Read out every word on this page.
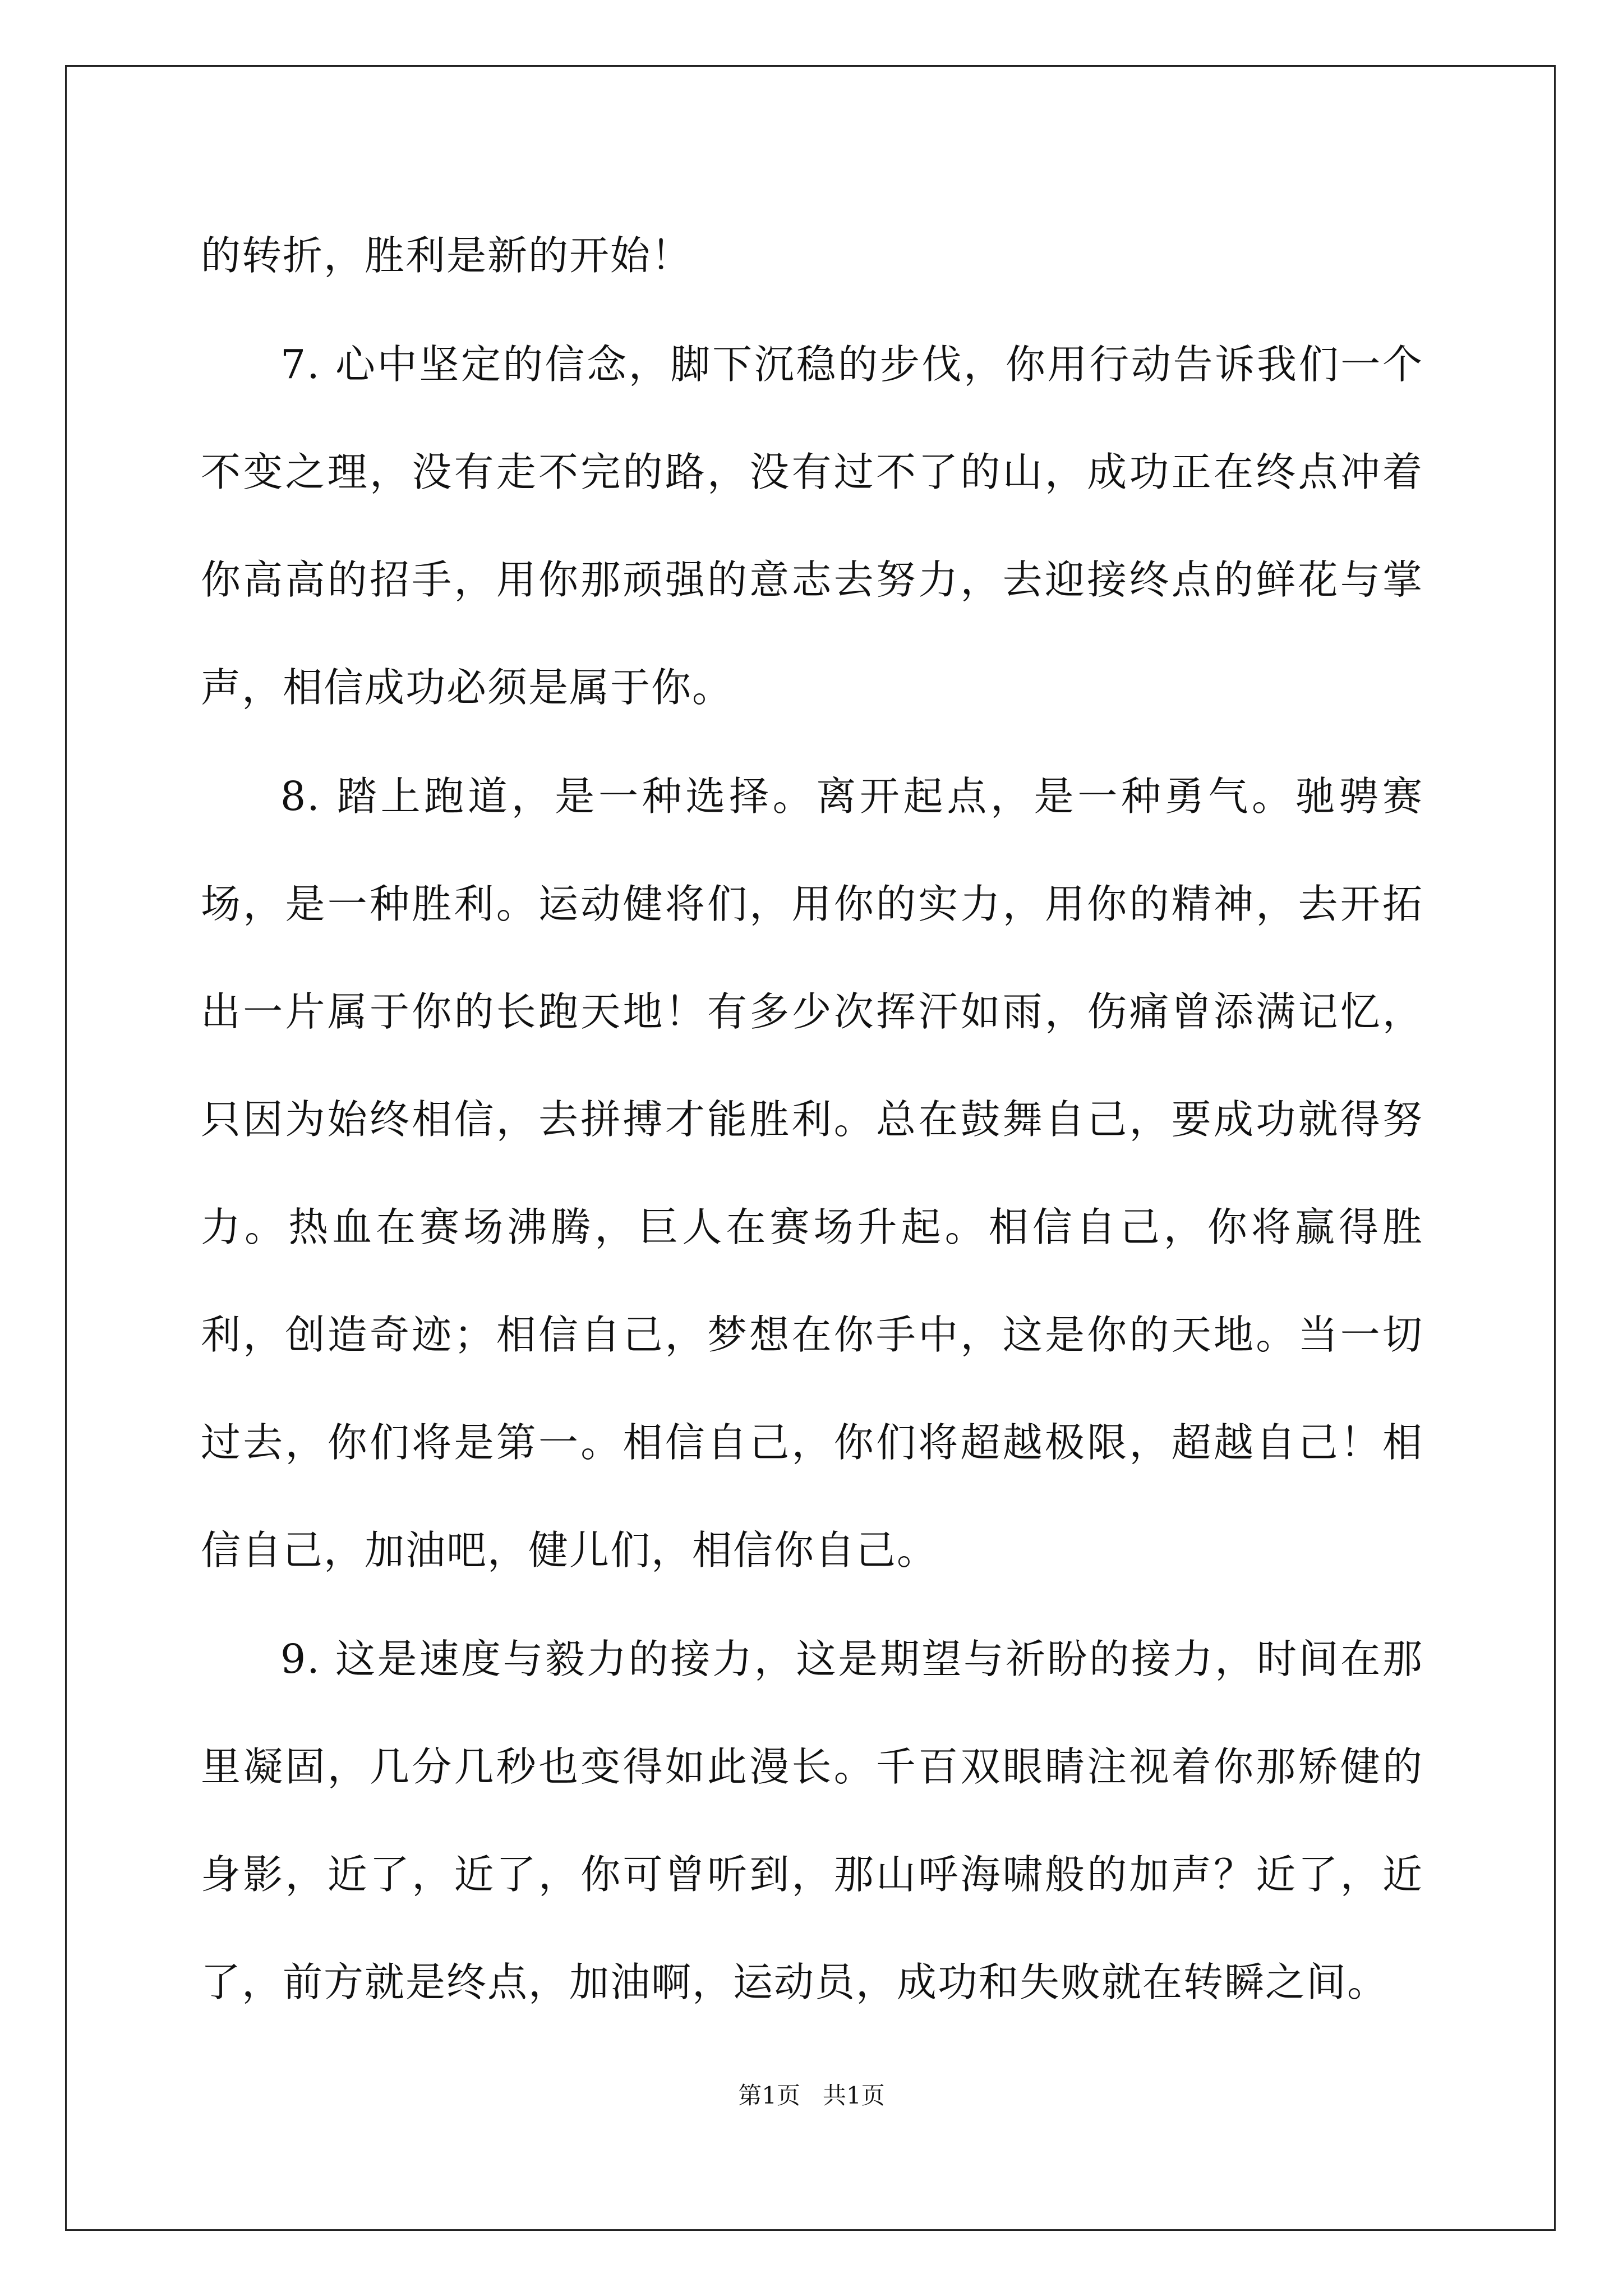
的转折，胜利是新的开始！

7. 心中坚定的信念，脚下沉稳的步伐，你用行动告诉我们一个不变之理，没有走不完的路，没有过不了的山，成功正在终点冲着你高高的招手，用你那顽强的意志去努力，去迎接终点的鲜花与掌声，相信成功必须是属于你。

8. 踏上跑道，是一种选择。离开起点，是一种勇气。驰骋赛场，是一种胜利。运动健将们，用你的实力，用你的精神，去开拓出一片属于你的长跑天地！有多少次挥汗如雨，伤痛曾添满记忆，只因为始终相信，去拼搏才能胜利。总在鼓舞自己，要成功就得努力。热血在赛场沸腾，巨人在赛场升起。相信自己，你将赢得胜利，创造奇迹；相信自己，梦想在你手中，这是你的天地。当一切过去，你们将是第一。相信自己，你们将超越极限，超越自己！相信自己，加油吧，健儿们，相信你自己。

9. 这是速度与毅力的接力，这是期望与祈盼的接力，时间在那里凝固，几分几秒也变得如此漫长。千百双眼睛注视着你那矫健的身影，近了，近了，你可曾听到，那山呼海啸般的加声？近了，近了，前方就是终点，加油啊，运动员，成功和失败就在转瞬之间。

第1页   共1页
